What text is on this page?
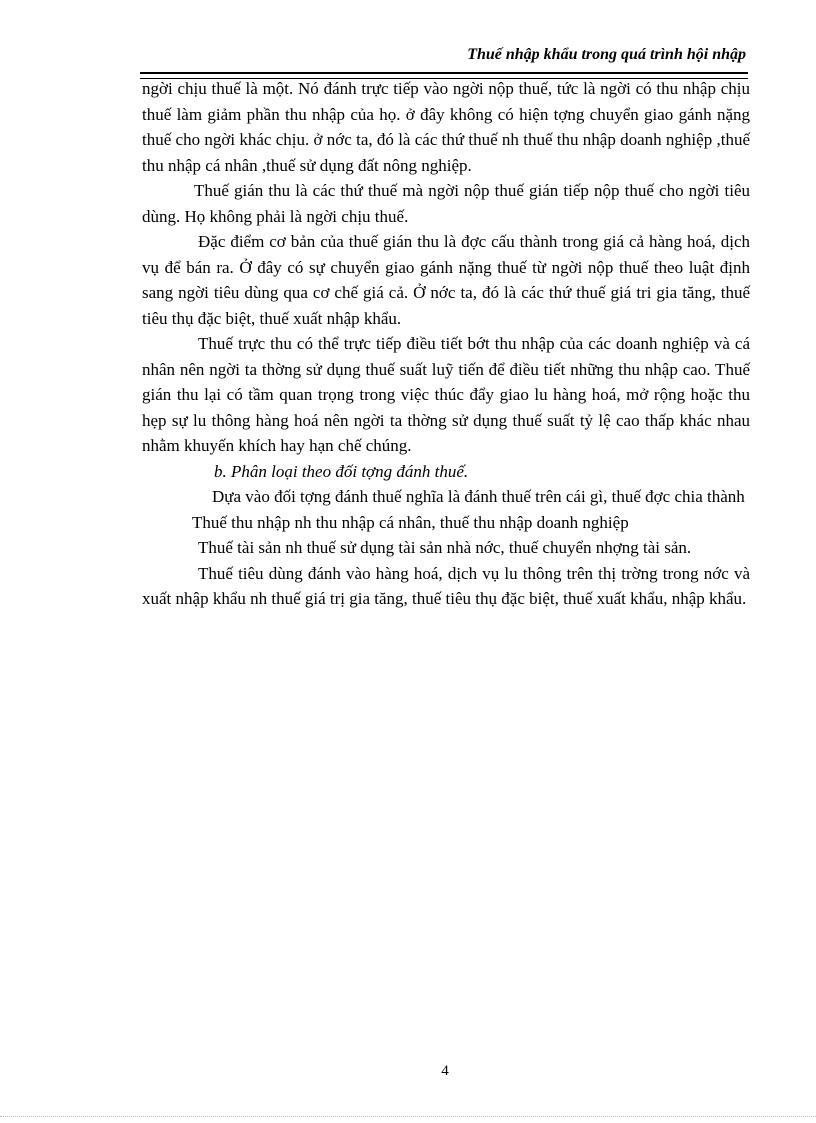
Thuế nhập khẩu trong quá trình hội nhập

ngời chịu thuế là một. Nó đánh trực tiếp vào ngời nộp thuế, tức là ngời có thu nhập chịu thuế làm giảm phần thu nhập của họ. ở đây không có hiện tợng chuyển giao gánh nặng thuế cho ngời khác chịu. ở nớc ta, đó là các thứ thuế nh thuế thu nhập doanh nghiệp ,thuế thu nhập cá nhân ,thuế sử dụng đất nông nghiệp.

Thuế gián thu là các thứ thuế mà ngời nộp thuế gián tiếp nộp thuế cho ngời tiêu dùng. Họ không phải là ngời chịu thuế.

Đặc điểm cơ bản của thuế gián thu là đợc cấu thành trong giá cả hàng hoá, dịch vụ để bán ra. Ở đây có sự chuyển giao gánh nặng thuế từ ngời nộp thuế theo luật định sang ngời tiêu dùng qua cơ chế giá cả. Ở nớc ta, đó là các thứ thuế giá tri gia tăng, thuế tiêu thụ đặc biệt, thuế xuất nhập khẩu.

Thuế trực thu có thể trực tiếp điều tiết bớt thu nhập của các doanh nghiệp và cá nhân nên ngời ta thờng sử dụng thuế suất luỹ tiến để điều tiết những thu nhập cao. Thuế gián thu lại có tầm quan trọng trong việc thúc đẩy giao lu hàng hoá, mở rộng hoặc thu hẹp sự lu thông hàng hoá nên ngời ta thờng sử dụng thuế suất tỷ lệ cao thấp khác nhau nhằm khuyến khích hay hạn chế chúng.

b. Phân loại theo đối tợng đánh thuế.

Dựa vào đối tợng đánh thuế nghĩa là đánh thuế trên cái gì, thuế đợc chia thành

Thuế thu nhập nh thu nhập cá nhân, thuế thu nhập doanh nghiệp

Thuế tài sản nh thuế sử dụng tài sản nhà nớc, thuế chuyển nhợng tài sản.

Thuế tiêu dùng đánh vào hàng hoá, dịch vụ lu thông trên thị trờng trong nớc và xuất nhập khẩu nh thuế giá trị gia tăng, thuế tiêu thụ đặc biệt, thuế xuất khẩu, nhập khẩu.

4
